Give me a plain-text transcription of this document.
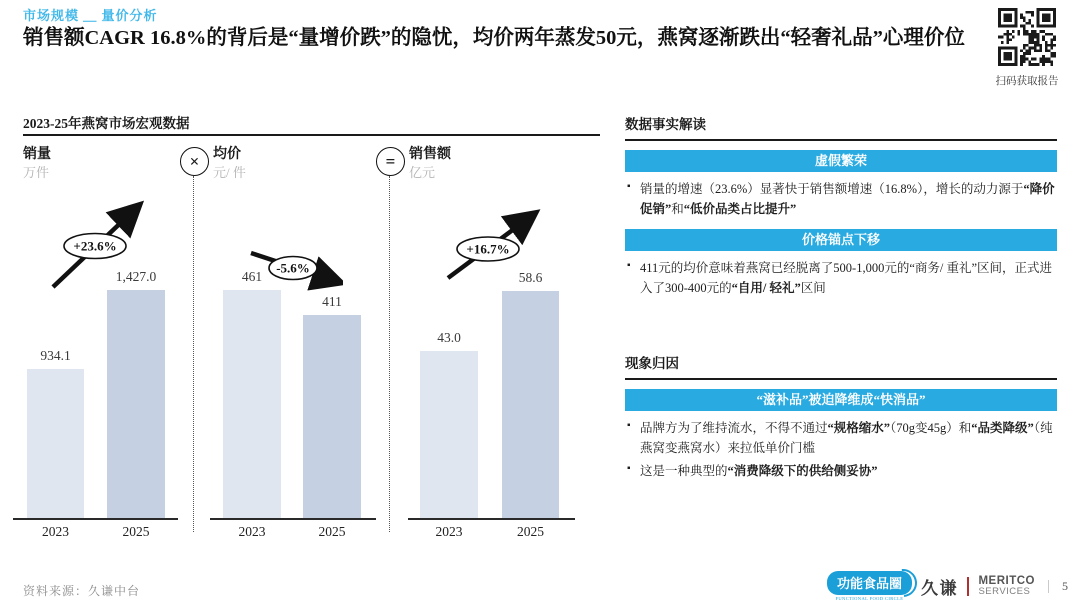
市场规模 ＿ 量价分析
销售额CAGR 16.8%的背后是“量增价跌”的隐忧，均价两年蒸发50元，燕窝逐渐跌出“轻奢礼品”心理价位
扫码获取报告
2023-25年燕窝市场宏观数据
销量
万件
× 均价
元/ 件
= 销售额
亿元
934.1
1,427.0
2023	2025
461
411
2023	2025
43.0
58.6
2023	2025
+23.6%
-5.6%
+16.7%
数据事实解读
虚假繁荣
▪ 销量的增速（23.6%）显著快于销售额增速（16.8%），增长的动力源于“降价促销”和“低价品类占比提升”
价格锚点下移
▪ 411元的均价意味着燕窝已经脱离了500-1,000元的“商务/ 重礼”区间，正式进入了300-400元的“自用/ 轻礼”区间
现象归因
“滋补品”被迫降维成“快消品”
▪ 品牌方为了维持流水，不得不通过“规格缩水”（70g变45g）和“品类降级”（纯燕窝变燕窝水）来拉低单价门槛
▪ 这是一种典型的“消费降级下的供给侧妥协”
资料来源：久谦中台	功能食品圈
FUNCTIONAL FOOD CIRCLE
久谦 MERITCO
SERVICES	| 5
